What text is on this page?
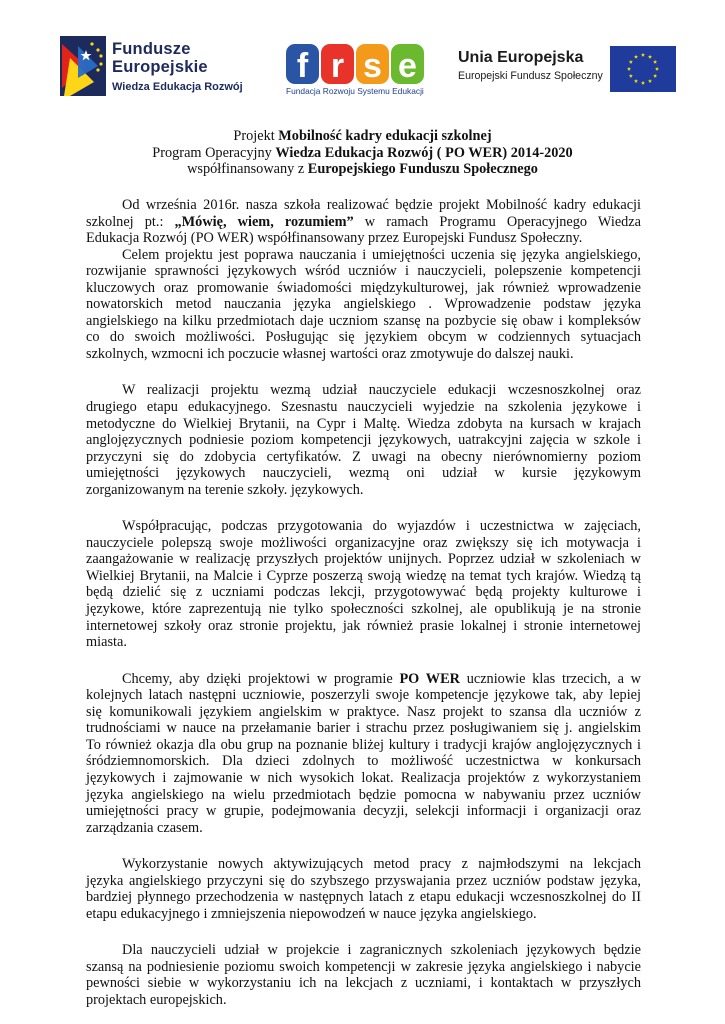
Fundusze
Europejskie
Wiedza Edukacja Rozwój
f r s e
Fundacja Rozwoju Systemu Edukacji
Unia Europejska
Europejski Fundusz Społeczny
Projekt Mobilność kadry edukacji szkolnej
Program Operacyjny Wiedza Edukacja Rozwój ( PO WER) 2014-2020
współfinansowany z Europejskiego Funduszu Społecznego
Od września 2016r. nasza szkoła realizować będzie projekt Mobilność kadry edukacji
szkolnej pt.: „Mówię, wiem, rozumiem” w ramach Programu Operacyjnego Wiedza
Edukacja Rozwój (PO WER) współfinansowany przez Europejski Fundusz Społeczny.
Celem projektu jest poprawa nauczania i umiejętności uczenia się języka angielskiego,
rozwijanie sprawności językowych wśród uczniów i nauczycieli, polepszenie kompetencji
kluczowych oraz promowanie świadomości międzykulturowej, jak również wprowadzenie
nowatorskich metod nauczania języka angielskiego . Wprowadzenie podstaw języka
angielskiego na kilku przedmiotach daje uczniom szansę na pozbycie się obaw i kompleksów
co do swoich możliwości. Posługując się językiem obcym w codziennych sytuacjach
szkolnych, wzmocni ich poczucie własnej wartości oraz zmotywuje do dalszej nauki.
W realizacji projektu wezmą udział nauczyciele edukacji wczesnoszkolnej oraz
drugiego etapu edukacyjnego. Szesnastu nauczycieli wyjedzie na szkolenia językowe i
metodyczne do Wielkiej Brytanii, na Cypr i Maltę. Wiedza zdobyta na kursach w krajach
anglojęzycznych podniesie poziom kompetencji językowych, uatrakcyjni zajęcia w szkole i
przyczyni się do zdobycia certyfikatów. Z uwagi na obecny nierównomierny poziom
umiejętności językowych nauczycieli, wezmą oni udział w kursie językowym
zorganizowanym na terenie szkoły. językowych.
Współpracując, podczas przygotowania do wyjazdów i uczestnictwa w zajęciach,
nauczyciele polepszą swoje możliwości organizacyjne oraz zwiększy się ich motywacja i
zaangażowanie w realizację przyszłych projektów unijnych. Poprzez udział w szkoleniach w
Wielkiej Brytanii, na Malcie i Cyprze poszerzą swoją wiedzę na temat tych krajów. Wiedzą tą
będą dzielić się z uczniami podczas lekcji, przygotowywać będą projekty kulturowe i
językowe, które zaprezentują nie tylko społeczności szkolnej, ale opublikują je na stronie
internetowej szkoły oraz stronie projektu, jak również prasie lokalnej i stronie internetowej
miasta.
Chcemy, aby dzięki projektowi w programie PO WER uczniowie klas trzecich, a w
kolejnych latach następni uczniowie, poszerzyli swoje kompetencje językowe tak, aby lepiej
się komunikowali językiem angielskim w praktyce. Nasz projekt to szansa dla uczniów z
trudnościami w nauce na przełamanie barier i strachu przez posługiwaniem się j. angielskim
To również okazja dla obu grup na poznanie bliżej kultury i tradycji krajów anglojęzycznych i
śródziemnomorskich. Dla dzieci zdolnych to możliwość uczestnictwa w konkursach
językowych i zajmowanie w nich wysokich lokat. Realizacja projektów z wykorzystaniem
języka angielskiego na wielu przedmiotach będzie pomocna w nabywaniu przez uczniów
umiejętności pracy w grupie, podejmowania decyzji, selekcji informacji i organizacji oraz
zarządzania czasem.
Wykorzystanie nowych aktywizujących metod pracy z najmłodszymi na lekcjach
języka angielskiego przyczyni się do szybszego przyswajania przez uczniów podstaw języka,
bardziej płynnego przechodzenia w następnych latach z etapu edukacji wczesnoszkolnej do II
etapu edukacyjnego i zmniejszenia niepowodzeń w nauce języka angielskiego.
Dla nauczycieli udział w projekcie i zagranicznych szkoleniach językowych będzie
szansą na podniesienie poziomu swoich kompetencji w zakresie języka angielskiego i nabycie
pewności siebie w wykorzystaniu ich na lekcjach z uczniami, i kontaktach w przyszłych
projektach europejskich.
